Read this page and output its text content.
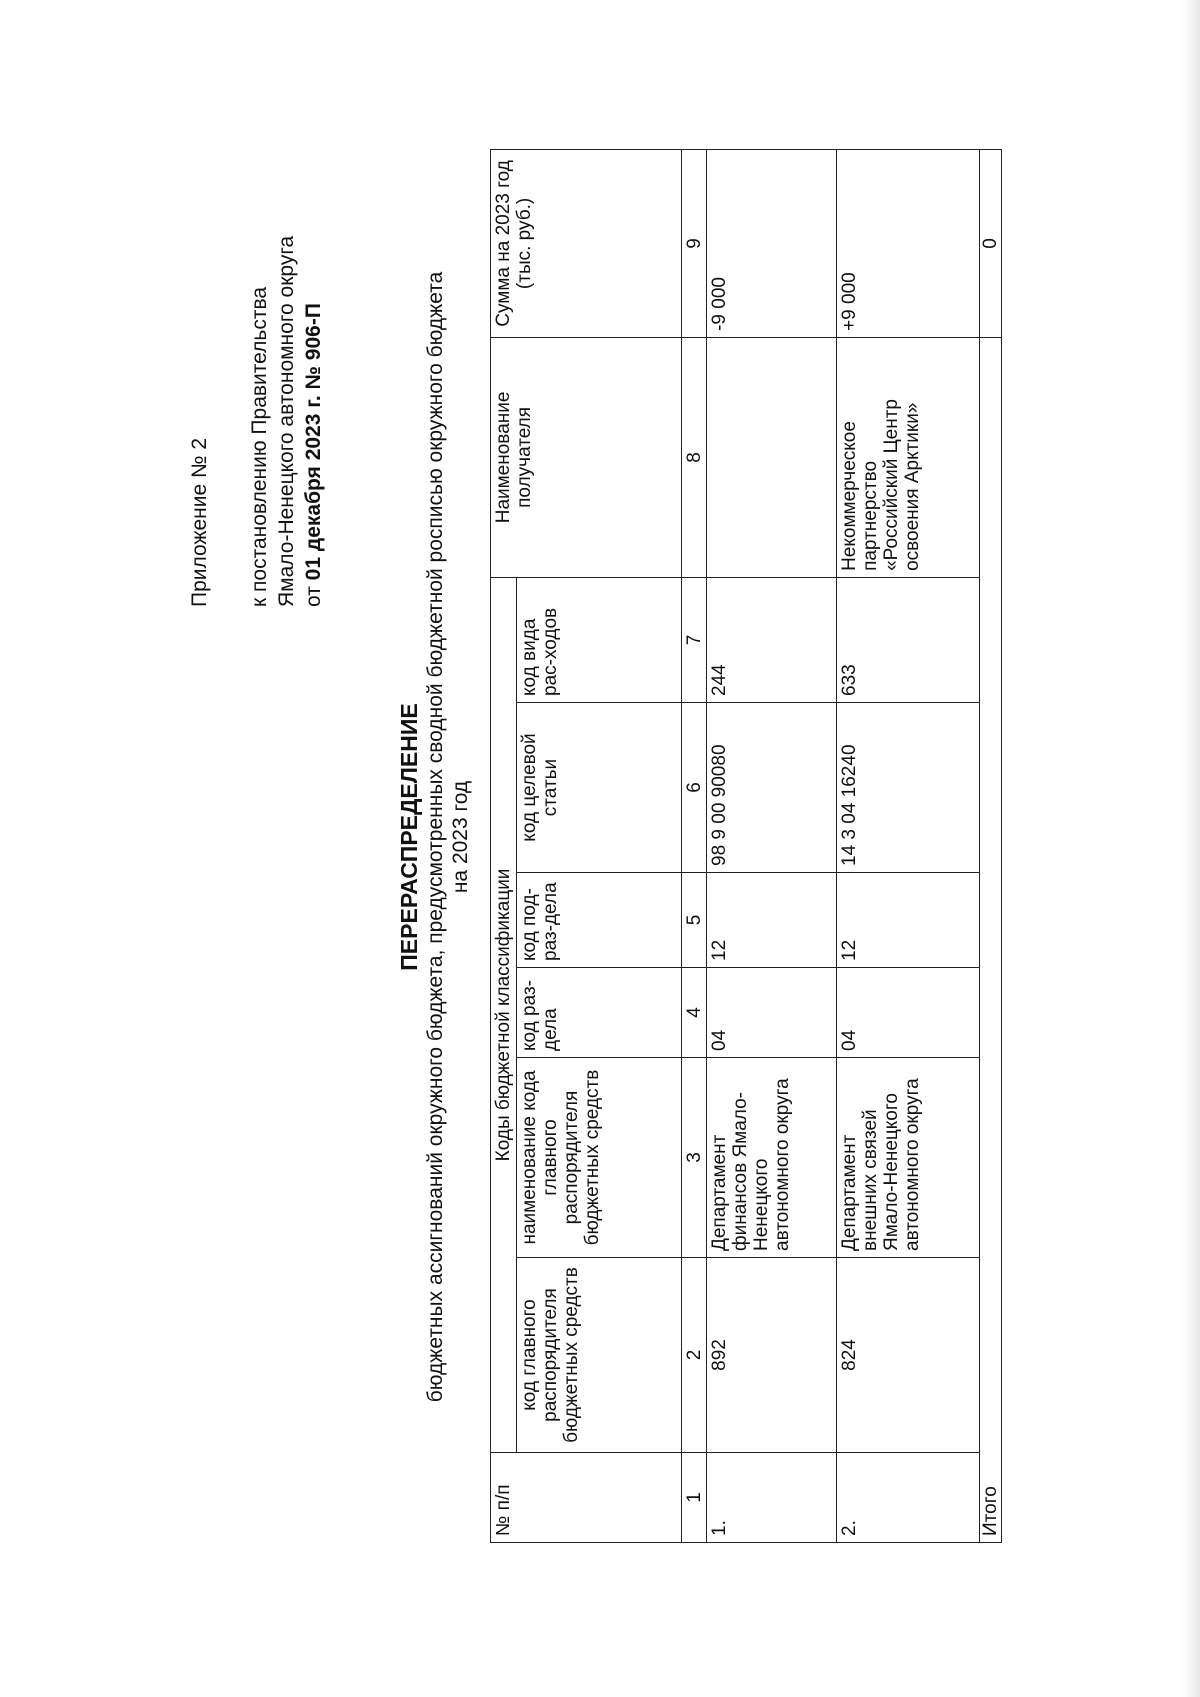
Приложение № 2 к постановлению Правительства Ямало-Ненецкого автономного округа от 01 декабря 2023 г. № 906-П
ПЕРЕРАСПРЕДЕЛЕНИЕ бюджетных ассигнований окружного бюджета, предусмотренных сводной бюджетной росписью окружного бюджета на 2023 год
№ п/п	Коды бюджетной классификации						Наименование получателя	Сумма на 2023 год (тыс. руб.)
	код главного распорядителя бюджетных средств	наименование кода главного распорядителя бюджетных средств	код раз-дела	код под-раз-дела	код целевой статьи	код вида рас-ходов		
1	2	3	4	5	6	7	8	9
1.	892	Департамент финансов Ямало-Ненецкого автономного округа	04	12	98 9 00 90080	244		-9 000
2.	824	Департамент внешних связей Ямало-Ненецкого автономного округа	04	12	14 3 04 16240	633	Некоммерческое партнерство «Российский Центр освоения Арктики»	+9 000
Итого								0
